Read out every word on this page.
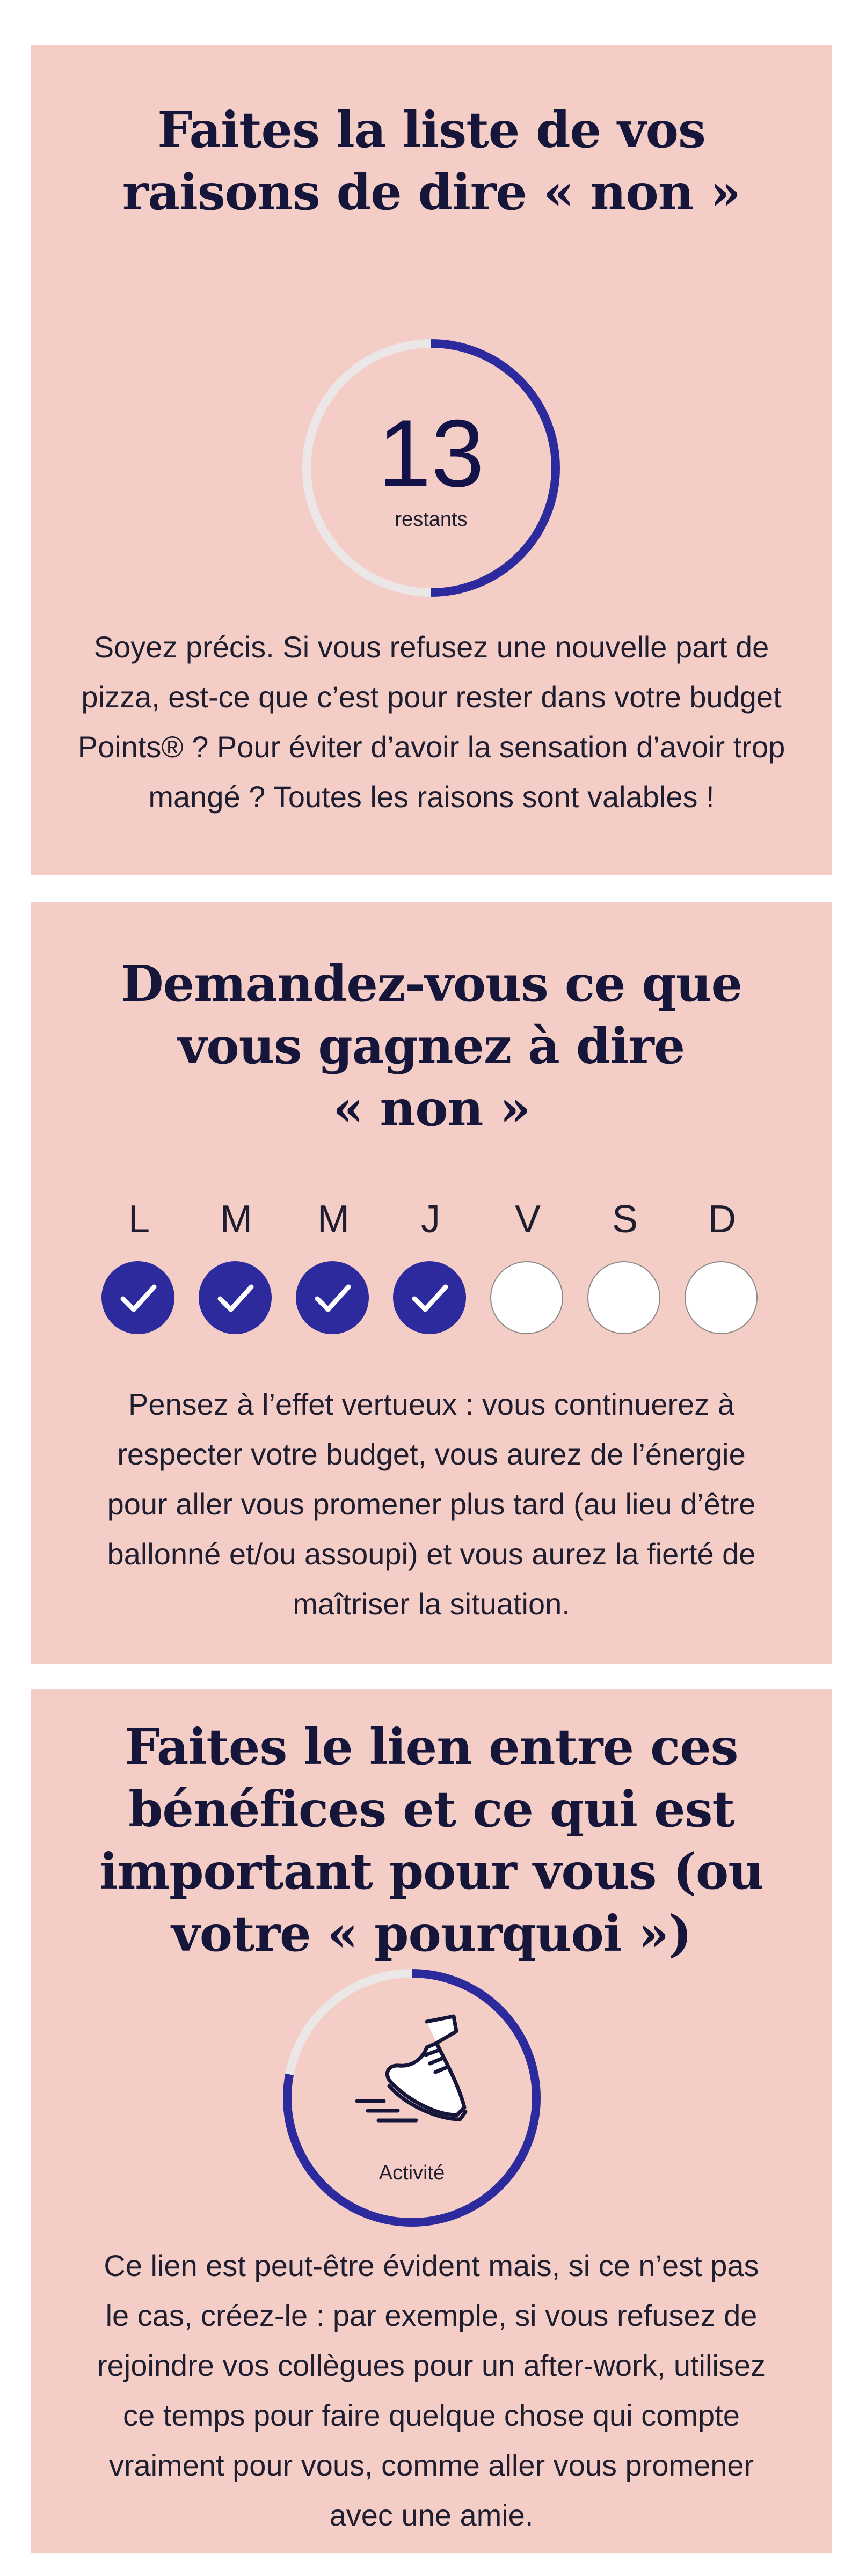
Faites la liste de vos
raisons de dire « non »
13
restants

Soyez précis. Si vous refusez une nouvelle part de
pizza, est-ce que c’est pour rester dans votre budget
Points® ? Pour éviter d’avoir la sensation d’avoir trop
mangé ? Toutes les raisons sont valables !

Demandez-vous ce que
vous gagnez à dire
« non »
L	M	M	J	V	S	D

Pensez à l’effet vertueux : vous continuerez à
respecter votre budget, vous aurez de l’énergie
pour aller vous promener plus tard (au lieu d’être
ballonné et/ou assoupi) et vous aurez la fierté de
maîtriser la situation.

Faites le lien entre ces
bénéfices et ce qui est
important pour vous (ou
votre « pourquoi »)
Activité

Ce lien est peut-être évident mais, si ce n’est pas
le cas, créez-le : par exemple, si vous refusez de
rejoindre vos collègues pour un after-work, utilisez
ce temps pour faire quelque chose qui compte
vraiment pour vous, comme aller vous promener
avec une amie.
